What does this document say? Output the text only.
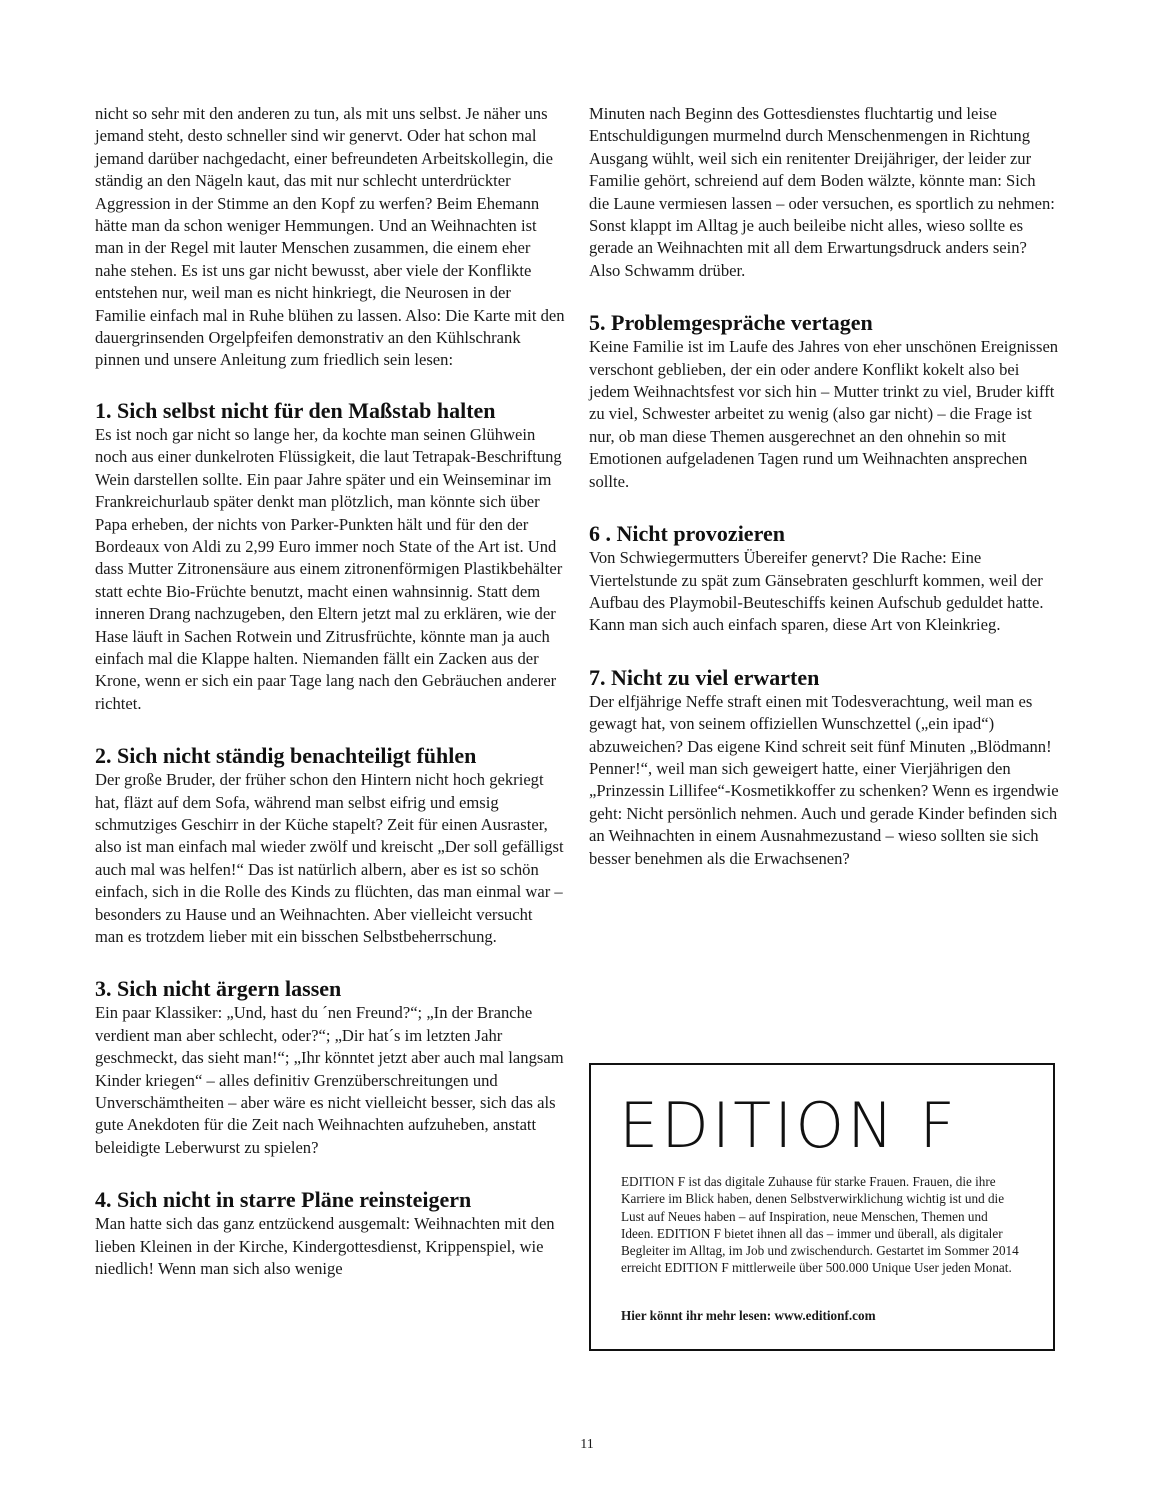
nicht so sehr mit den anderen zu tun, als mit uns selbst. Je näher uns jemand steht, desto schneller sind wir genervt. Oder hat schon mal jemand darüber nachgedacht, einer befreundeten Arbeitskollegin, die ständig an den Nägeln kaut, das mit nur schlecht unterdrückter Aggression in der Stimme an den Kopf zu werfen? Beim Ehemann hätte man da schon weniger Hemmungen. Und an Weihnachten ist man in der Regel mit lauter Menschen zusammen, die einem eher nahe stehen. Es ist uns gar nicht bewusst, aber viele der Konflikte entstehen nur, weil man es nicht hinkriegt, die Neurosen in der Familie einfach mal in Ruhe blühen zu lassen. Also: Die Karte mit den dauergrinsenden Orgelpfeifen demonstrativ an den Kühlschrank pinnen und unsere Anleitung zum friedlich sein lesen:

1. Sich selbst nicht für den Maßstab halten

Es ist noch gar nicht so lange her, da kochte man seinen Glühwein noch aus einer dunkelroten Flüssigkeit, die laut Tetrapak-Beschriftung Wein darstellen sollte. Ein paar Jahre später und ein Weinseminar im Frankreichurlaub später denkt man plötzlich, man könnte sich über Papa erheben, der nichts von Parker-Punkten hält und für den der Bordeaux von Aldi zu 2,99 Euro immer noch State of the Art ist. Und dass Mutter Zitronensäure aus einem zitronenförmigen Plastikbehälter statt echte Bio-Früchte benutzt, macht einen wahnsinnig. Statt dem inneren Drang nachzugeben, den Eltern jetzt mal zu erklären, wie der Hase läuft in Sachen Rotwein und Zitrusfrüchte, könnte man ja auch einfach mal die Klappe halten. Niemanden fällt ein Zacken aus der Krone, wenn er sich ein paar Tage lang nach den Gebräuchen anderer richtet.

2. Sich nicht ständig benachteiligt fühlen

Der große Bruder, der früher schon den Hintern nicht hoch gekriegt hat, fläzt auf dem Sofa, während man selbst eifrig und emsig schmutziges Geschirr in der Küche stapelt? Zeit für einen Ausraster, also ist man einfach mal wieder zwölf und kreischt „Der soll gefälligst auch mal was helfen!“ Das ist natürlich albern, aber es ist so schön einfach, sich in die Rolle des Kinds zu flüchten, das man einmal war – besonders zu Hause und an Weihnachten. Aber vielleicht versucht man es trotzdem lieber mit ein bisschen Selbstbeherrschung.

3. Sich nicht ärgern lassen

Ein paar Klassiker: „Und, hast du ´nen Freund?“; „In der Branche verdient man aber schlecht, oder?“; „Dir hat´s im letzten Jahr geschmeckt, das sieht man!“; „Ihr könntet jetzt aber auch mal langsam Kinder kriegen“ – alles definitiv Grenzüberschreitungen und Unverschämtheiten – aber wäre es nicht vielleicht besser, sich das als gute Anekdoten für die Zeit nach Weihnachten aufzuheben, anstatt beleidigte Leberwurst zu spielen?

4. Sich nicht in starre Pläne reinsteigern

Man hatte sich das ganz entzückend ausgemalt: Weihnachten mit den lieben Kleinen in der Kirche, Kindergottesdienst, Krippenspiel, wie niedlich! Wenn man sich also wenige

Minuten nach Beginn des Gottesdienstes fluchtartig und leise Entschuldigungen murmelnd durch Menschenmengen in Richtung Ausgang wühlt, weil sich ein renitenter Dreijähriger, der leider zur Familie gehört, schreiend auf dem Boden wälzte, könnte man: Sich die Laune vermiesen lassen – oder versuchen, es sportlich zu nehmen: Sonst klappt im Alltag je auch beileibe nicht alles, wieso sollte es gerade an Weihnachten mit all dem Erwartungsdruck anders sein? Also Schwamm drüber.

5. Problemgespräche vertagen

Keine Familie ist im Laufe des Jahres von eher unschönen Ereignissen verschont geblieben, der ein oder andere Konflikt kokelt also bei jedem Weihnachtsfest vor sich hin – Mutter trinkt zu viel, Bruder kifft zu viel, Schwester arbeitet zu wenig (also gar nicht) – die Frage ist nur, ob man diese Themen ausgerechnet an den ohnehin so mit Emotionen aufgeladenen Tagen rund um Weihnachten ansprechen sollte.

6 . Nicht provozieren

Von Schwiegermutters Übereifer genervt? Die Rache: Eine Viertelstunde zu spät zum Gänsebraten geschlurft kommen, weil der Aufbau des Playmobil-Beuteschiffs keinen Aufschub geduldet hatte. Kann man sich auch einfach sparen, diese Art von Kleinkrieg.

7. Nicht zu viel erwarten

Der elfjährige Neffe straft einen mit Todesverachtung, weil man es gewagt hat, von seinem offiziellen Wunschzettel („ein ipad“) abzuweichen? Das eigene Kind schreit seit fünf Minuten „Blödmann! Penner!“, weil man sich geweigert hatte, einer Vierjährigen den „Prinzessin Lillifee“-Kosmetikkoffer zu schenken? Wenn es irgendwie geht: Nicht persönlich nehmen. Auch und gerade Kinder befinden sich an Weihnachten in einem Ausnahmezustand – wieso sollten sie sich besser benehmen als die Erwachsenen?

EDITION F

EDITION F ist das digitale Zuhause für starke Frauen. Frauen, die ihre Karriere im Blick haben, denen Selbstverwirklichung wichtig ist und die Lust auf Neues haben – auf Inspiration, neue Menschen, Themen und Ideen. EDITION F bietet ihnen all das – immer und überall, als digitaler Begleiter im Alltag, im Job und zwischendurch. Gestartet im Sommer 2014 erreicht EDITION F mittlerweile über 500.000 Unique User jeden Monat.

Hier könnt ihr mehr lesen: www.editionf.com

11
